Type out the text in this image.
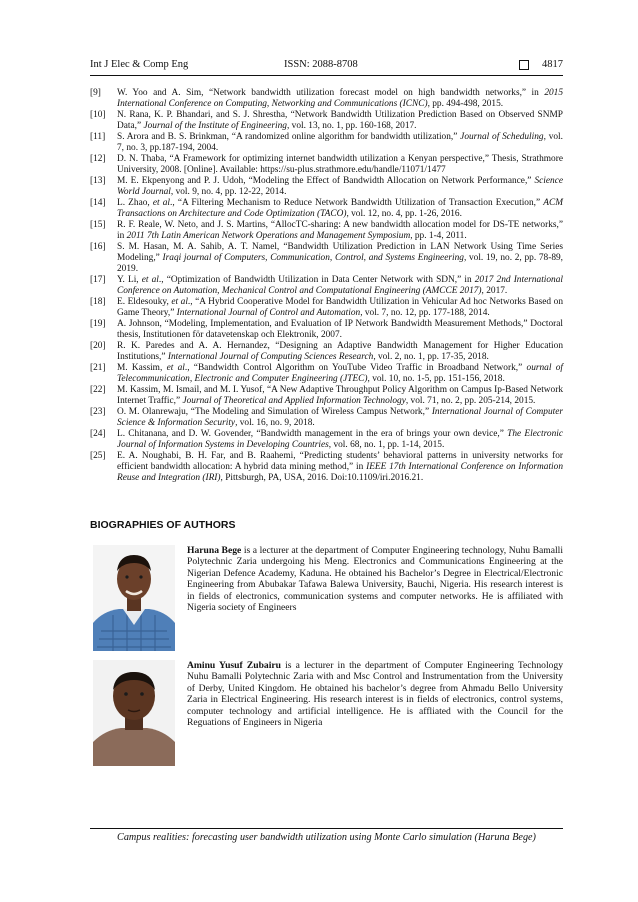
Int J Elec & Comp Eng	ISSN: 2088-8708	4817
[9]	W. Yoo and A. Sim, “Network bandwidth utilization forecast model on high bandwidth networks,” in 2015 International Conference on Computing, Networking and Communications (ICNC), pp. 494-498, 2015.
[10]	N. Rana, K. P. Bhandari, and S. J. Shrestha, “Network Bandwidth Utilization Prediction Based on Observed SNMP Data,” Journal of the Institute of Engineering, vol. 13, no. 1, pp. 160-168, 2017.
[11]	S. Arora and B. S. Brinkman, “A randomized online algorithm for bandwidth utilization,” Journal of Scheduling, vol. 7, no. 3, pp.187-194, 2004.
[12]	D. N. Thaba, “A Framework for optimizing internet bandwidth utilization a Kenyan perspective,” Thesis, Strathmore University, 2008. [Online]. Available: https://su-plus.strathmore.edu/handle/11071/1477
[13]	M. E. Ekpenyong and P. J. Udoh, “Modeling the Effect of Bandwidth Allocation on Network Performance,” Science World Journal, vol. 9, no. 4, pp. 12-22, 2014.
[14]	L. Zhao, et al., “A Filtering Mechanism to Reduce Network Bandwidth Utilization of Transaction Execution,” ACM Transactions on Architecture and Code Optimization (TACO), vol. 12, no. 4, pp. 1-26, 2016.
[15]	R. F. Reale, W. Neto, and J. S. Martins, “AllocTC-sharing: A new bandwidth allocation model for DS-TE networks,” in 2011 7th Latin American Network Operations and Management Symposium, pp. 1-4, 2011.
[16]	S. M. Hasan, M. A. Sahib, A. T. Namel, “Bandwidth Utilization Prediction in LAN Network Using Time Series Modeling,” Iraqi journal of Computers, Communication, Control, and Systems Engineering, vol. 19, no. 2, pp. 78-89, 2019.
[17]	Y. Li, et al., “Optimization of Bandwidth Utilization in Data Center Network with SDN,” in 2017 2nd International Conference on Automation, Mechanical Control and Computational Engineering (AMCCE 2017), 2017.
[18]	E. Eldesouky, et al., “A Hybrid Cooperative Model for Bandwidth Utilization in Vehicular Ad hoc Networks Based on Game Theory,” International Journal of Control and Automation, vol. 7, no. 12, pp. 177-188, 2014.
[19]	A. Johnson, “Modeling, Implementation, and Evaluation of IP Network Bandwidth Measurement Methods,” Doctoral thesis, Institutionen för datavetenskap och Elektronik, 2007.
[20]	R. K. Paredes and A. A. Hernandez, “Designing an Adaptive Bandwidth Management for Higher Education Institutions,” International Journal of Computing Sciences Research, vol. 2, no. 1, pp. 17-35, 2018.
[21]	M. Kassim, et al., “Bandwidth Control Algorithm on YouTube Video Traffic in Broadband Network,” ournal of Telecommunication, Electronic and Computer Engineering (JTEC), vol. 10, no. 1-5, pp. 151-156, 2018.
[22]	M. Kassim, M. Ismail, and M. I. Yusof, “A New Adaptive Throughput Policy Algorithm on Campus Ip-Based Network Internet Traffic,” Journal of Theoretical and Applied Information Technology, vol. 71, no. 2, pp. 205-214, 2015.
[23]	O. M. Olanrewaju, “The Modeling and Simulation of Wireless Campus Network,” International Journal of Computer Science & Information Security, vol. 16, no. 9, 2018.
[24]	L. Chitanana, and D. W. Govender, “Bandwidth management in the era of brings your own device,” The Electronic Journal of Information Systems in Developing Countries, vol. 68, no. 1, pp. 1-14, 2015.
[25]	E. A. Noughabi, B. H. Far, and B. Raahemi, “Predicting students’ behavioral patterns in university networks for efficient bandwidth allocation: A hybrid data mining method,” in IEEE 17th International Conference on Information Reuse and Integration (IRI), Pittsburgh, PA, USA, 2016. Doi:10.1109/iri.2016.21.
BIOGRAPHIES OF AUTHORS
Haruna Bege is a lecturer at the department of Computer Engineering technology, Nuhu Bamalli Polytechnic Zaria undergoing his Meng. Electronics and Communications Engineering at the Nigerian Defence Academy, Kaduna. He obtained his Bachelor’s Degree in Electrical/Electronic Engineering from Abubakar Tafawa Balewa University, Bauchi, Nigeria. His research interest is in fields of electronics, communication systems and computer networks. He is affiliated with Nigeria society of Engineers
Aminu Yusuf Zubairu is a lecturer in the department of Computer Engineering Technology Nuhu Bamalli Polytechnic Zaria with and Msc Control and Instrumentation from the University of Derby, United Kingdom. He obtained his bachelor’s degree from Ahmadu Bello University Zaria in Electrical Engineering. His research interest is in fields of electronics, control systems, computer technology and artificial intelligence. He is affliated with the Council for the Reguations of Engineers in Nigeria
Campus realities: forecasting user bandwidth utilization using Monte Carlo simulation (Haruna Bege)
